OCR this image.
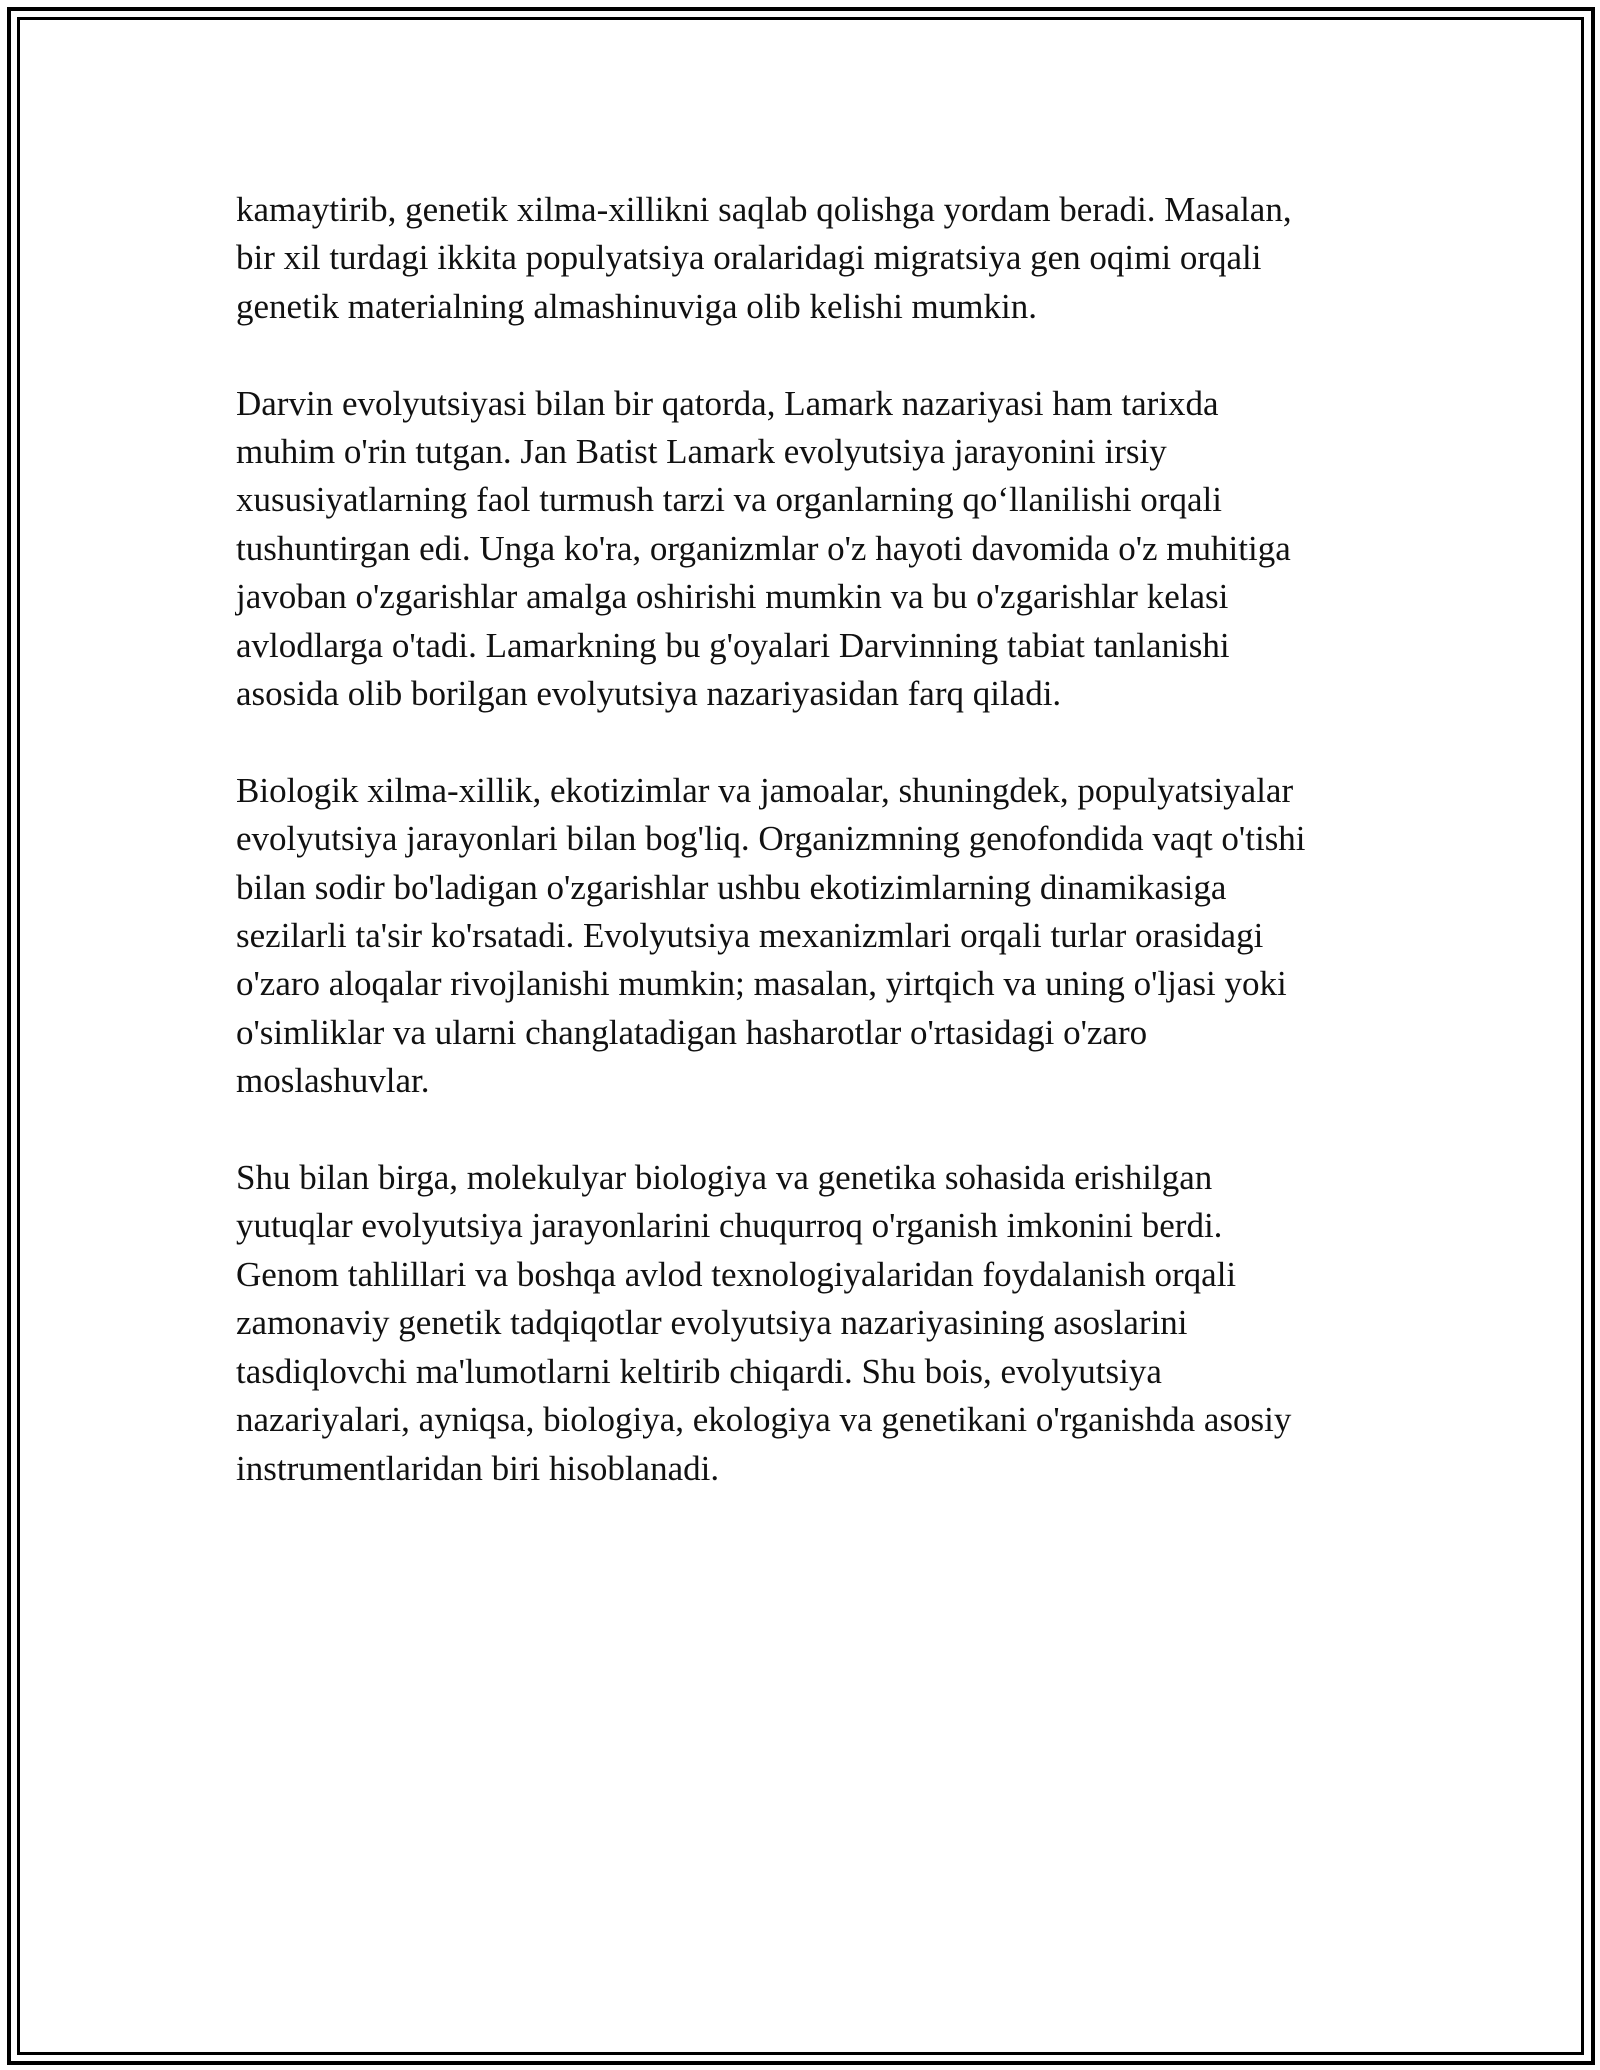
kamaytirib, genetik xilma-xillikni saqlab qolishga yordam beradi. Masalan,
bir xil turdagi ikkita populyatsiya oralaridagi migratsiya gen oqimi orqali
genetik materialning almashinuviga olib kelishi mumkin.

Darvin evolyutsiyasi bilan bir qatorda, Lamark nazariyasi ham tarixda
muhim o'rin tutgan. Jan Batist Lamark evolyutsiya jarayonini irsiy
xususiyatlarning faol turmush tarzi va organlarning qo‘llanilishi orqali
tushuntirgan edi. Unga ko'ra, organizmlar o'z hayoti davomida o'z muhitiga
javoban o'zgarishlar amalga oshirishi mumkin va bu o'zgarishlar kelasi
avlodlarga o'tadi. Lamarkning bu g'oyalari Darvinning tabiat tanlanishi
asosida olib borilgan evolyutsiya nazariyasidan farq qiladi.

Biologik xilma-xillik, ekotizimlar va jamoalar, shuningdek, populyatsiyalar
evolyutsiya jarayonlari bilan bog'liq. Organizmning genofondida vaqt o'tishi
bilan sodir bo'ladigan o'zgarishlar ushbu ekotizimlarning dinamikasiga
sezilarli ta'sir ko'rsatadi. Evolyutsiya mexanizmlari orqali turlar orasidagi
o'zaro aloqalar rivojlanishi mumkin; masalan, yirtqich va uning o'ljasi yoki
o'simliklar va ularni changlatadigan hasharotlar o'rtasidagi o'zaro
moslashuvlar.

Shu bilan birga, molekulyar biologiya va genetika sohasida erishilgan
yutuqlar evolyutsiya jarayonlarini chuqurroq o'rganish imkonini berdi.
Genom tahlillari va boshqa avlod texnologiyalaridan foydalanish orqali
zamonaviy genetik tadqiqotlar evolyutsiya nazariyasining asoslarini
tasdiqlovchi ma'lumotlarni keltirib chiqardi. Shu bois, evolyutsiya
nazariyalari, ayniqsa, biologiya, ekologiya va genetikani o'rganishda asosiy
instrumentlaridan biri hisoblanadi.
